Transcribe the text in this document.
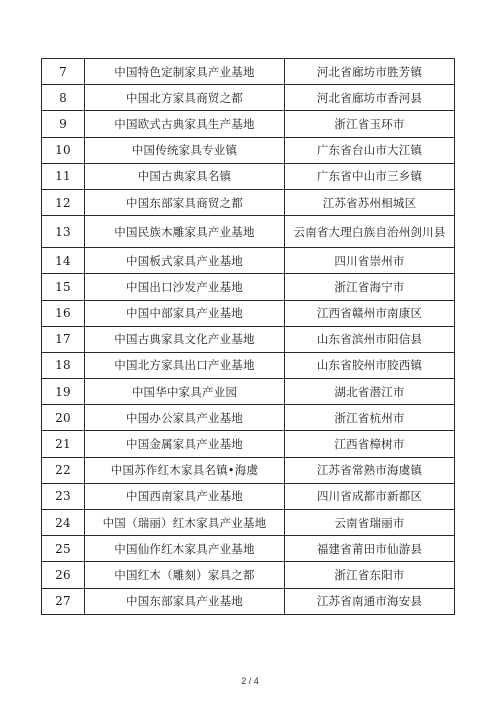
7	中国特色定制家具产业基地	河北省廊坊市胜芳镇
8	中国北方家具商贸之都	河北省廊坊市香河县
9	中国欧式古典家具生产基地	浙江省玉环市
10	中国传统家具专业镇	广东省台山市大江镇
11	中国古典家具名镇	广东省中山市三乡镇
12	中国东部家具商贸之都	江苏省苏州相城区
13	中国民族木雕家具产业基地	云南省大理白族自治州剑川县
14	中国板式家具产业基地	四川省崇州市
15	中国出口沙发产业基地	浙江省海宁市
16	中国中部家具产业基地	江西省赣州市南康区
17	中国古典家具文化产业基地	山东省滨州市阳信县
18	中国北方家具出口产业基地	山东省胶州市胶西镇
19	中国华中家具产业园	湖北省潜江市
20	中国办公家具产业基地	浙江省杭州市
21	中国金属家具产业基地	江西省樟树市
22	中国苏作红木家具名镇•海虞	江苏省常熟市海虞镇
23	中国西南家具产业基地	四川省成都市新都区
24	中国（瑞丽）红木家具产业基地	云南省瑞丽市
25	中国仙作红木家具产业基地	福建省莆田市仙游县
26	中国红木（雕刻）家具之都	浙江省东阳市
27	中国东部家具产业基地	江苏省南通市海安县
2 / 4
